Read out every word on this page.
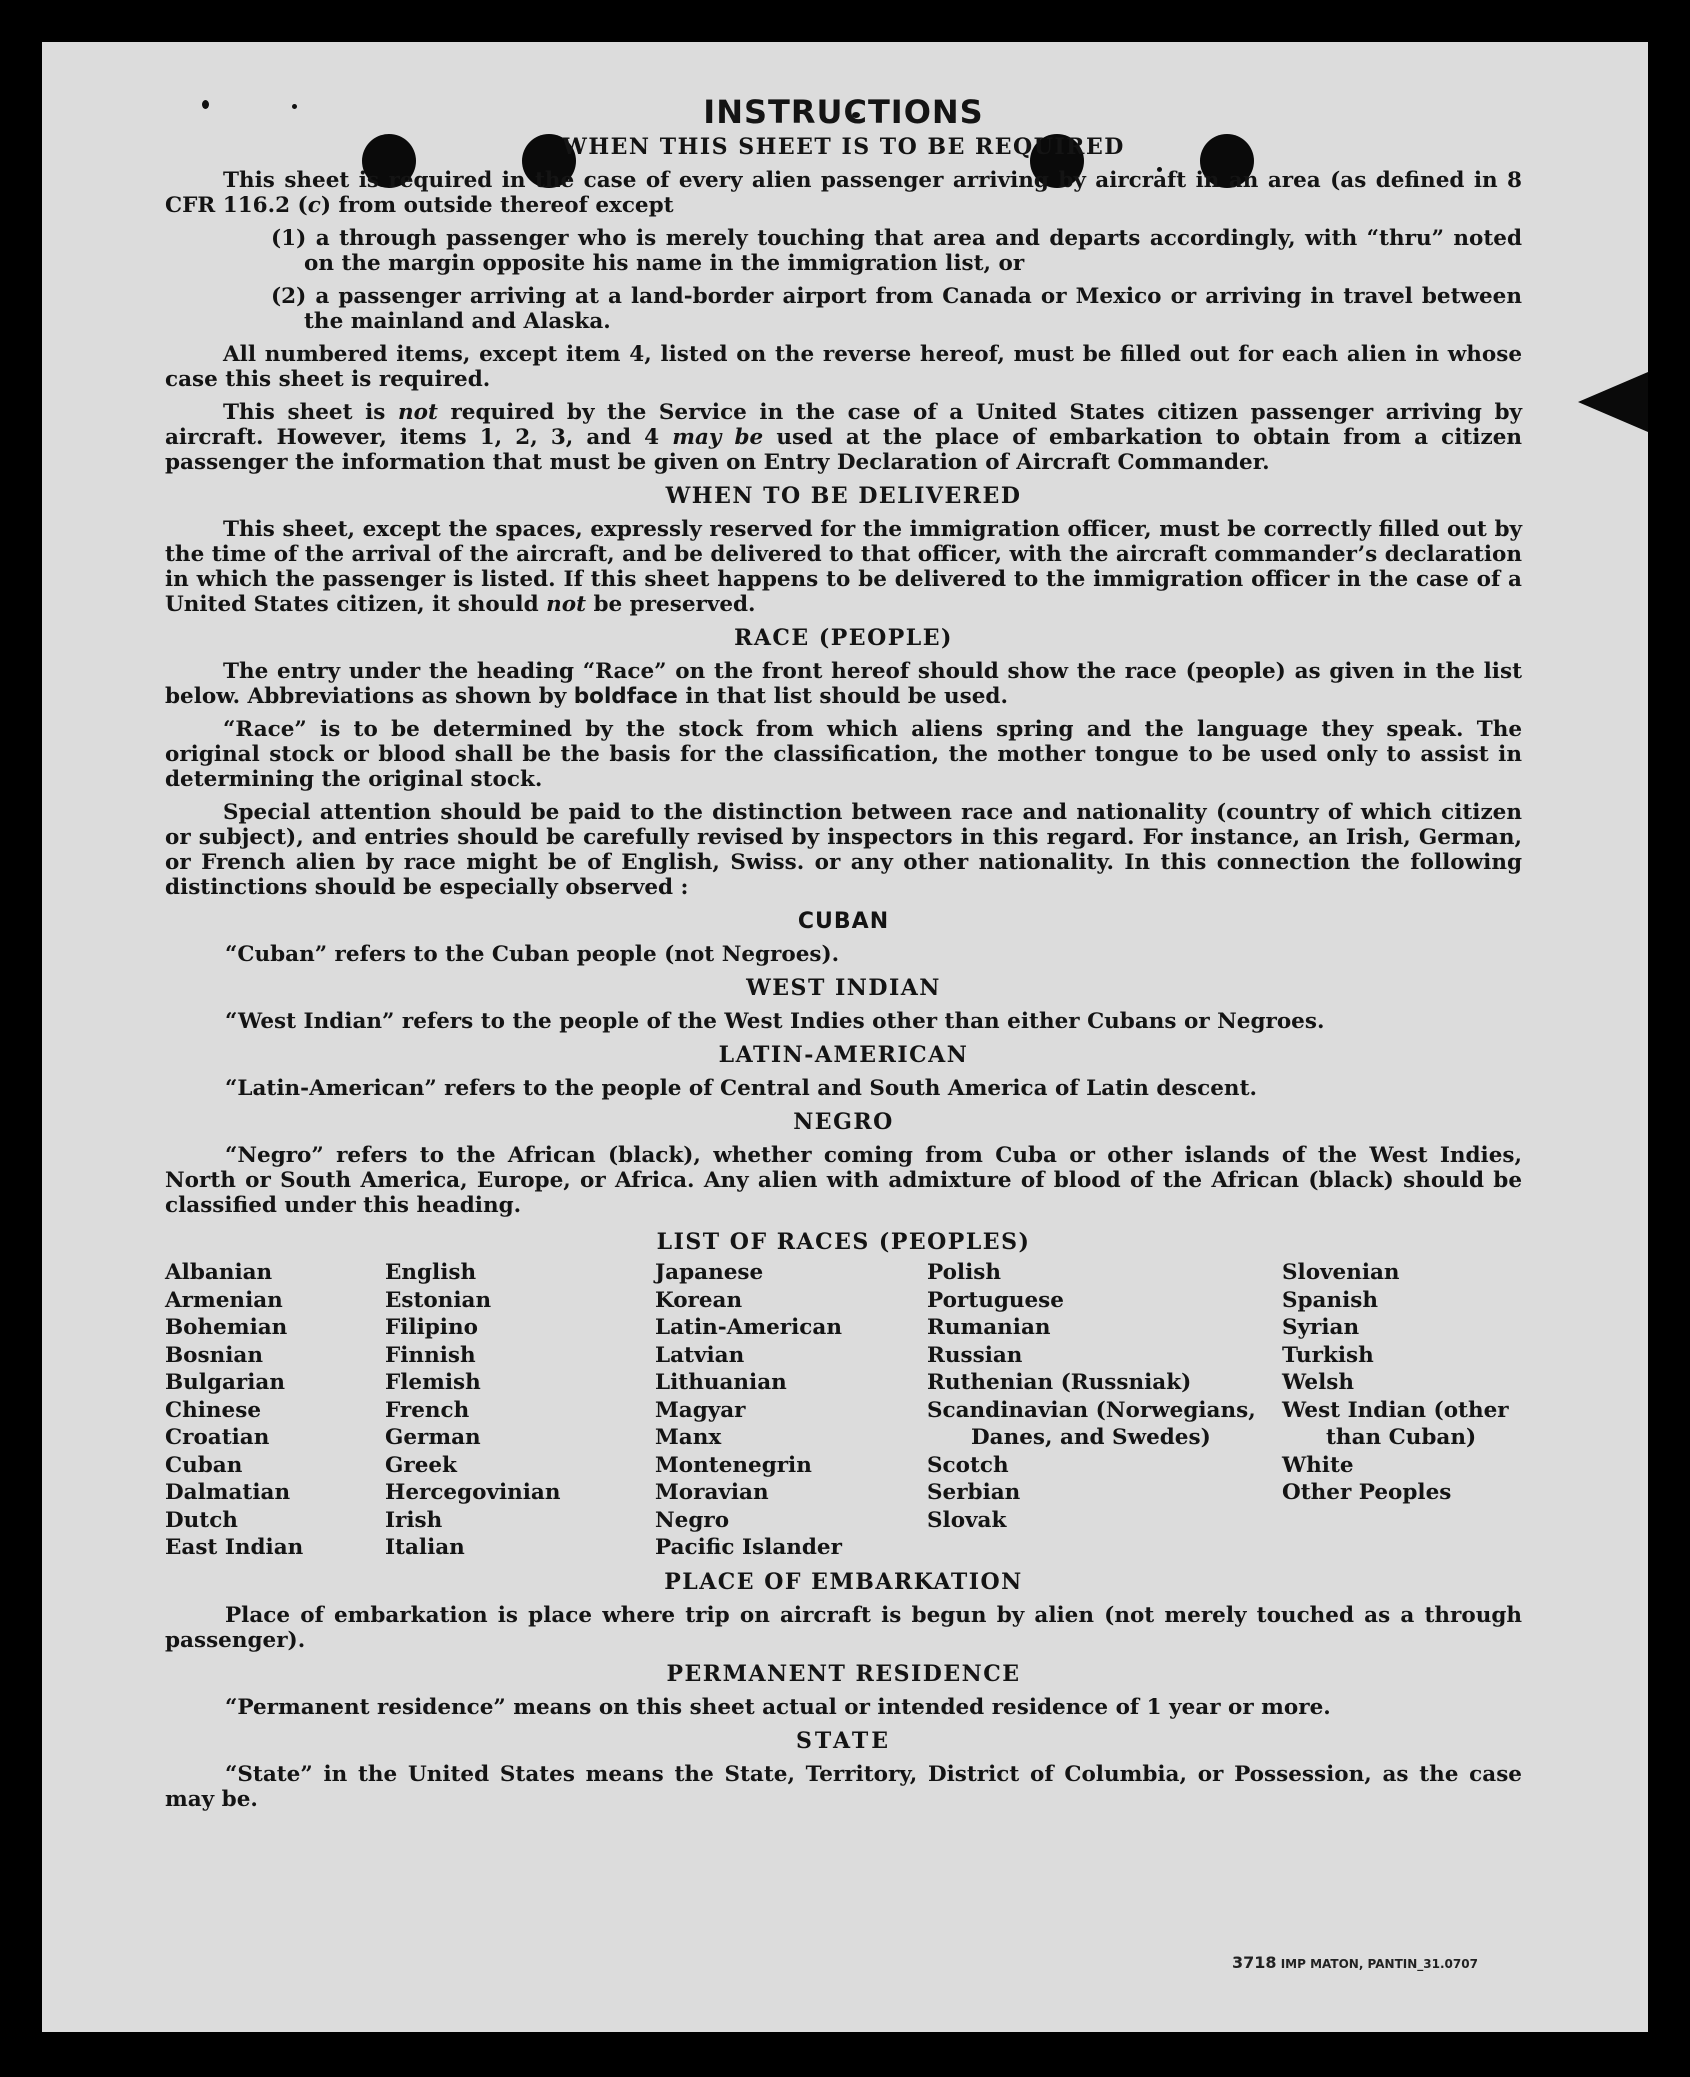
INSTRUCTIONS
WHEN THIS SHEET IS TO BE REQUIRED

This sheet is required in the case of every alien passenger arriving by aircraft in an area (as defined in 8 CFR 116.2 (c) from outside thereof except

(1) a through passenger who is merely touching that area and departs accordingly, with “thru” noted on the margin opposite his name in the immigration list, or

(2) a passenger arriving at a land-border airport from Canada or Mexico or arriving in travel between the mainland and Alaska.

All numbered items, except item 4, listed on the reverse hereof, must be filled out for each alien in whose case this sheet is required.

This sheet is not required by the Service in the case of a United States citizen passenger arriving by aircraft. However, items 1, 2, 3, and 4 may be used at the place of embarkation to obtain from a citizen passenger the information that must be given on Entry Declaration of Aircraft Commander.

WHEN TO BE DELIVERED

This sheet, except the spaces, expressly reserved for the immigration officer, must be correctly filled out by the time of the arrival of the aircraft, and be delivered to that officer, with the aircraft commander’s declaration in which the passenger is listed. If this sheet happens to be delivered to the immigration officer in the case of a United States citizen, it should not be preserved.

RACE (PEOPLE)

The entry under the heading “Race” on the front hereof should show the race (people) as given in the list below. Abbreviations as shown by boldface in that list should be used.

“Race” is to be determined by the stock from which aliens spring and the language they speak. The original stock or blood shall be the basis for the classification, the mother tongue to be used only to assist in determining the original stock.

Special attention should be paid to the distinction between race and nationality (country of which citizen or subject), and entries should be carefully revised by inspectors in this regard. For instance, an Irish, German, or French alien by race might be of English, Swiss. or any other nationality. In this connection the following distinctions should be especially observed :

CUBAN

“Cuban” refers to the Cuban people (not Negroes).

WEST INDIAN

“West Indian” refers to the people of the West Indies other than either Cubans or Negroes.

LATIN-AMERICAN

“Latin-American” refers to the people of Central and South America of Latin descent.

NEGRO

“Negro” refers to the African (black), whether coming from Cuba or other islands of the West Indies, North or South America, Europe, or Africa. Any alien with admixture of blood of the African (black) should be classified under this heading.

LIST OF RACES (PEOPLES)
Albanian
Armenian
Bohemian
Bosnian
Bulgarian
Chinese
Croatian
Cuban
Dalmatian
Dutch
East Indian
English
Estonian
Filipino
Finnish
Flemish
French
German
Greek
Hercegovinian
Irish
Italian
Japanese
Korean
Latin-American
Latvian
Lithuanian
Magyar
Manx
Montenegrin
Moravian
Negro
Pacific Islander
Polish
Portuguese
Rumanian
Russian
Ruthenian (Russniak)
Scandinavian (Norwegians, Danes, and Swedes)
Scotch
Serbian
Slovak
Slovenian
Spanish
Syrian
Turkish
Welsh
West Indian (other than Cuban)
White
Other Peoples
PLACE OF EMBARKATION

Place of embarkation is place where trip on aircraft is begun by alien (not merely touched as a through passenger).

PERMANENT RESIDENCE

“Permanent residence” means on this sheet actual or intended residence of 1 year or more.

STATE

“State” in the United States means the State, Territory, District of Columbia, or Possession, as the case may be.

3718 IMP MATON, PANTIN_31.0707
